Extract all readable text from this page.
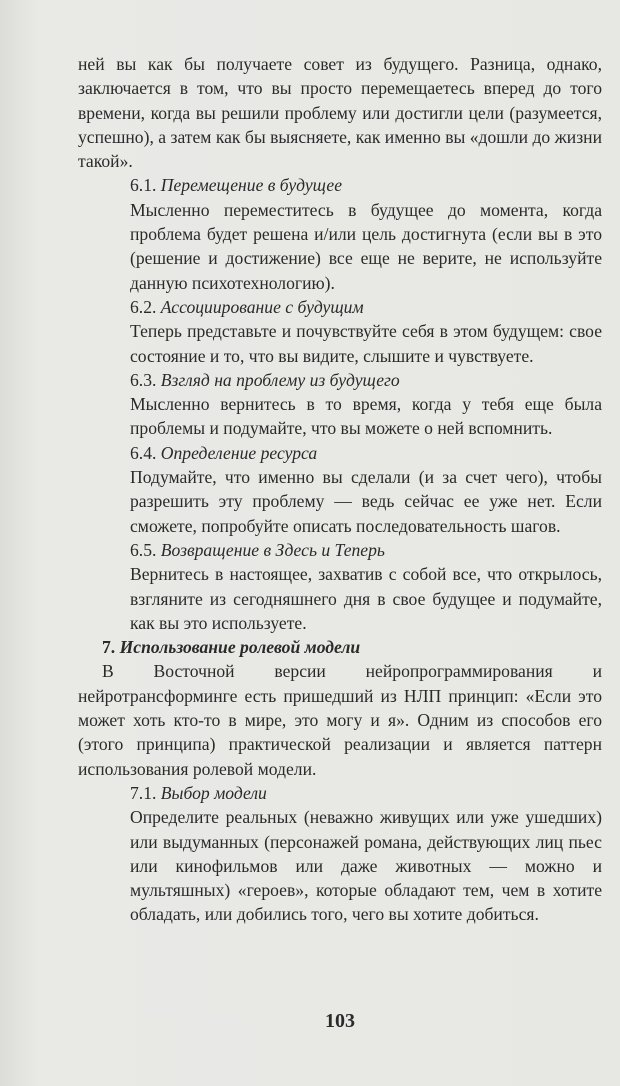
ней вы как бы получаете совет из будущего. Разница, однако, заключается в том, что вы просто перемещаетесь вперед до того времени, когда вы решили проблему или достигли цели (разумеется, успешно), а затем как бы выясняете, как именно вы «дошли до жизни такой».

6.1. Перемещение в будущее

Мысленно переместитесь в будущее до момента, когда проблема будет решена и/или цель достигнута (если вы в это (решение и достижение) все еще не верите, не используйте данную психотехнологию).

6.2. Ассоциирование с будущим

Теперь представьте и почувствуйте себя в этом будущем: свое состояние и то, что вы видите, слышите и чувствуете.

6.3. Взгляд на проблему из будущего

Мысленно вернитесь в то время, когда у тебя еще была проблемы и подумайте, что вы можете о ней вспомнить.

6.4. Определение ресурса

Подумайте, что именно вы сделали (и за счет чего), чтобы разрешить эту проблему — ведь сейчас ее уже нет. Если сможете, попробуйте описать последовательность шагов.

6.5. Возвращение в Здесь и Теперь

Вернитесь в настоящее, захватив с собой все, что открылось, взгляните из сегодняшнего дня в свое будущее и подумайте, как вы это используете.

7. Использование ролевой модели

В Восточной версии нейропрограммирования и нейротрансформинге есть пришедший из НЛП принцип: «Если это может хоть кто-то в мире, это могу и я». Одним из способов его (этого принципа) практической реализации и является паттерн использования ролевой модели.

7.1. Выбор модели

Определите реальных (неважно живущих или уже ушедших) или выдуманных (персонажей романа, действующих лиц пьес или кинофильмов или даже животных — можно и мультяшных) «героев», которые обладают тем, чем в хотите обладать, или добились того, чего вы хотите добиться.

103
